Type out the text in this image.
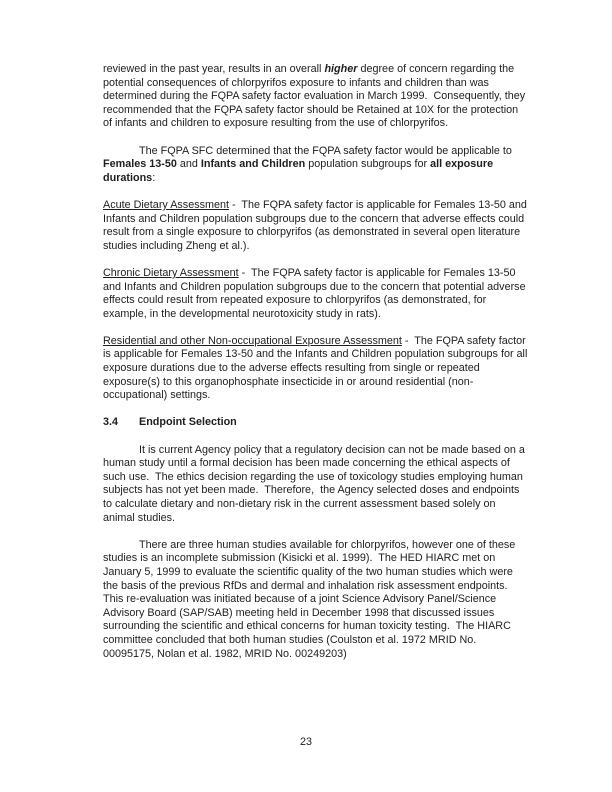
reviewed in the past year, results in an overall higher degree of concern regarding the potential consequences of chlorpyrifos exposure to infants and children than was determined during the FQPA safety factor evaluation in March 1999.  Consequently, they recommended that the FQPA safety factor should be Retained at 10X for the protection of infants and children to exposure resulting from the use of chlorpyrifos.

The FQPA SFC determined that the FQPA safety factor would be applicable to Females 13-50 and Infants and Children population subgroups for all exposure durations:

Acute Dietary Assessment -  The FQPA safety factor is applicable for Females 13-50 and Infants and Children population subgroups due to the concern that adverse effects could result from a single exposure to chlorpyrifos (as demonstrated in several open literature studies including Zheng et al.).

Chronic Dietary Assessment -  The FQPA safety factor is applicable for Females 13-50 and Infants and Children population subgroups due to the concern that potential adverse effects could result from repeated exposure to chlorpyrifos (as demonstrated, for example, in the developmental neurotoxicity study in rats).

Residential and other Non-occupational Exposure Assessment -  The FQPA safety factor is applicable for Females 13-50 and the Infants and Children population subgroups for all exposure durations due to the adverse effects resulting from single or repeated exposure(s) to this organophosphate insecticide in or around residential (non-occupational) settings.

3.4 Endpoint Selection

It is current Agency policy that a regulatory decision can not be made based on a human study until a formal decision has been made concerning the ethical aspects of such use.  The ethics decision regarding the use of toxicology studies employing human subjects has not yet been made.  Therefore,  the Agency selected doses and endpoints to calculate dietary and non-dietary risk in the current assessment based solely on animal studies.

There are three human studies available for chlorpyrifos, however one of these studies is an incomplete submission (Kisicki et al. 1999).  The HED HIARC met on January 5, 1999 to evaluate the scientific quality of the two human studies which were the basis of the previous RfDs and dermal and inhalation risk assessment endpoints.  This re-evaluation was initiated because of a joint Science Advisory Panel/Science Advisory Board (SAP/SAB) meeting held in December 1998 that discussed issues surrounding the scientific and ethical concerns for human toxicity testing.  The HIARC committee concluded that both human studies (Coulston et al. 1972 MRID No. 00095175, Nolan et al. 1982, MRID No. 00249203)

23
